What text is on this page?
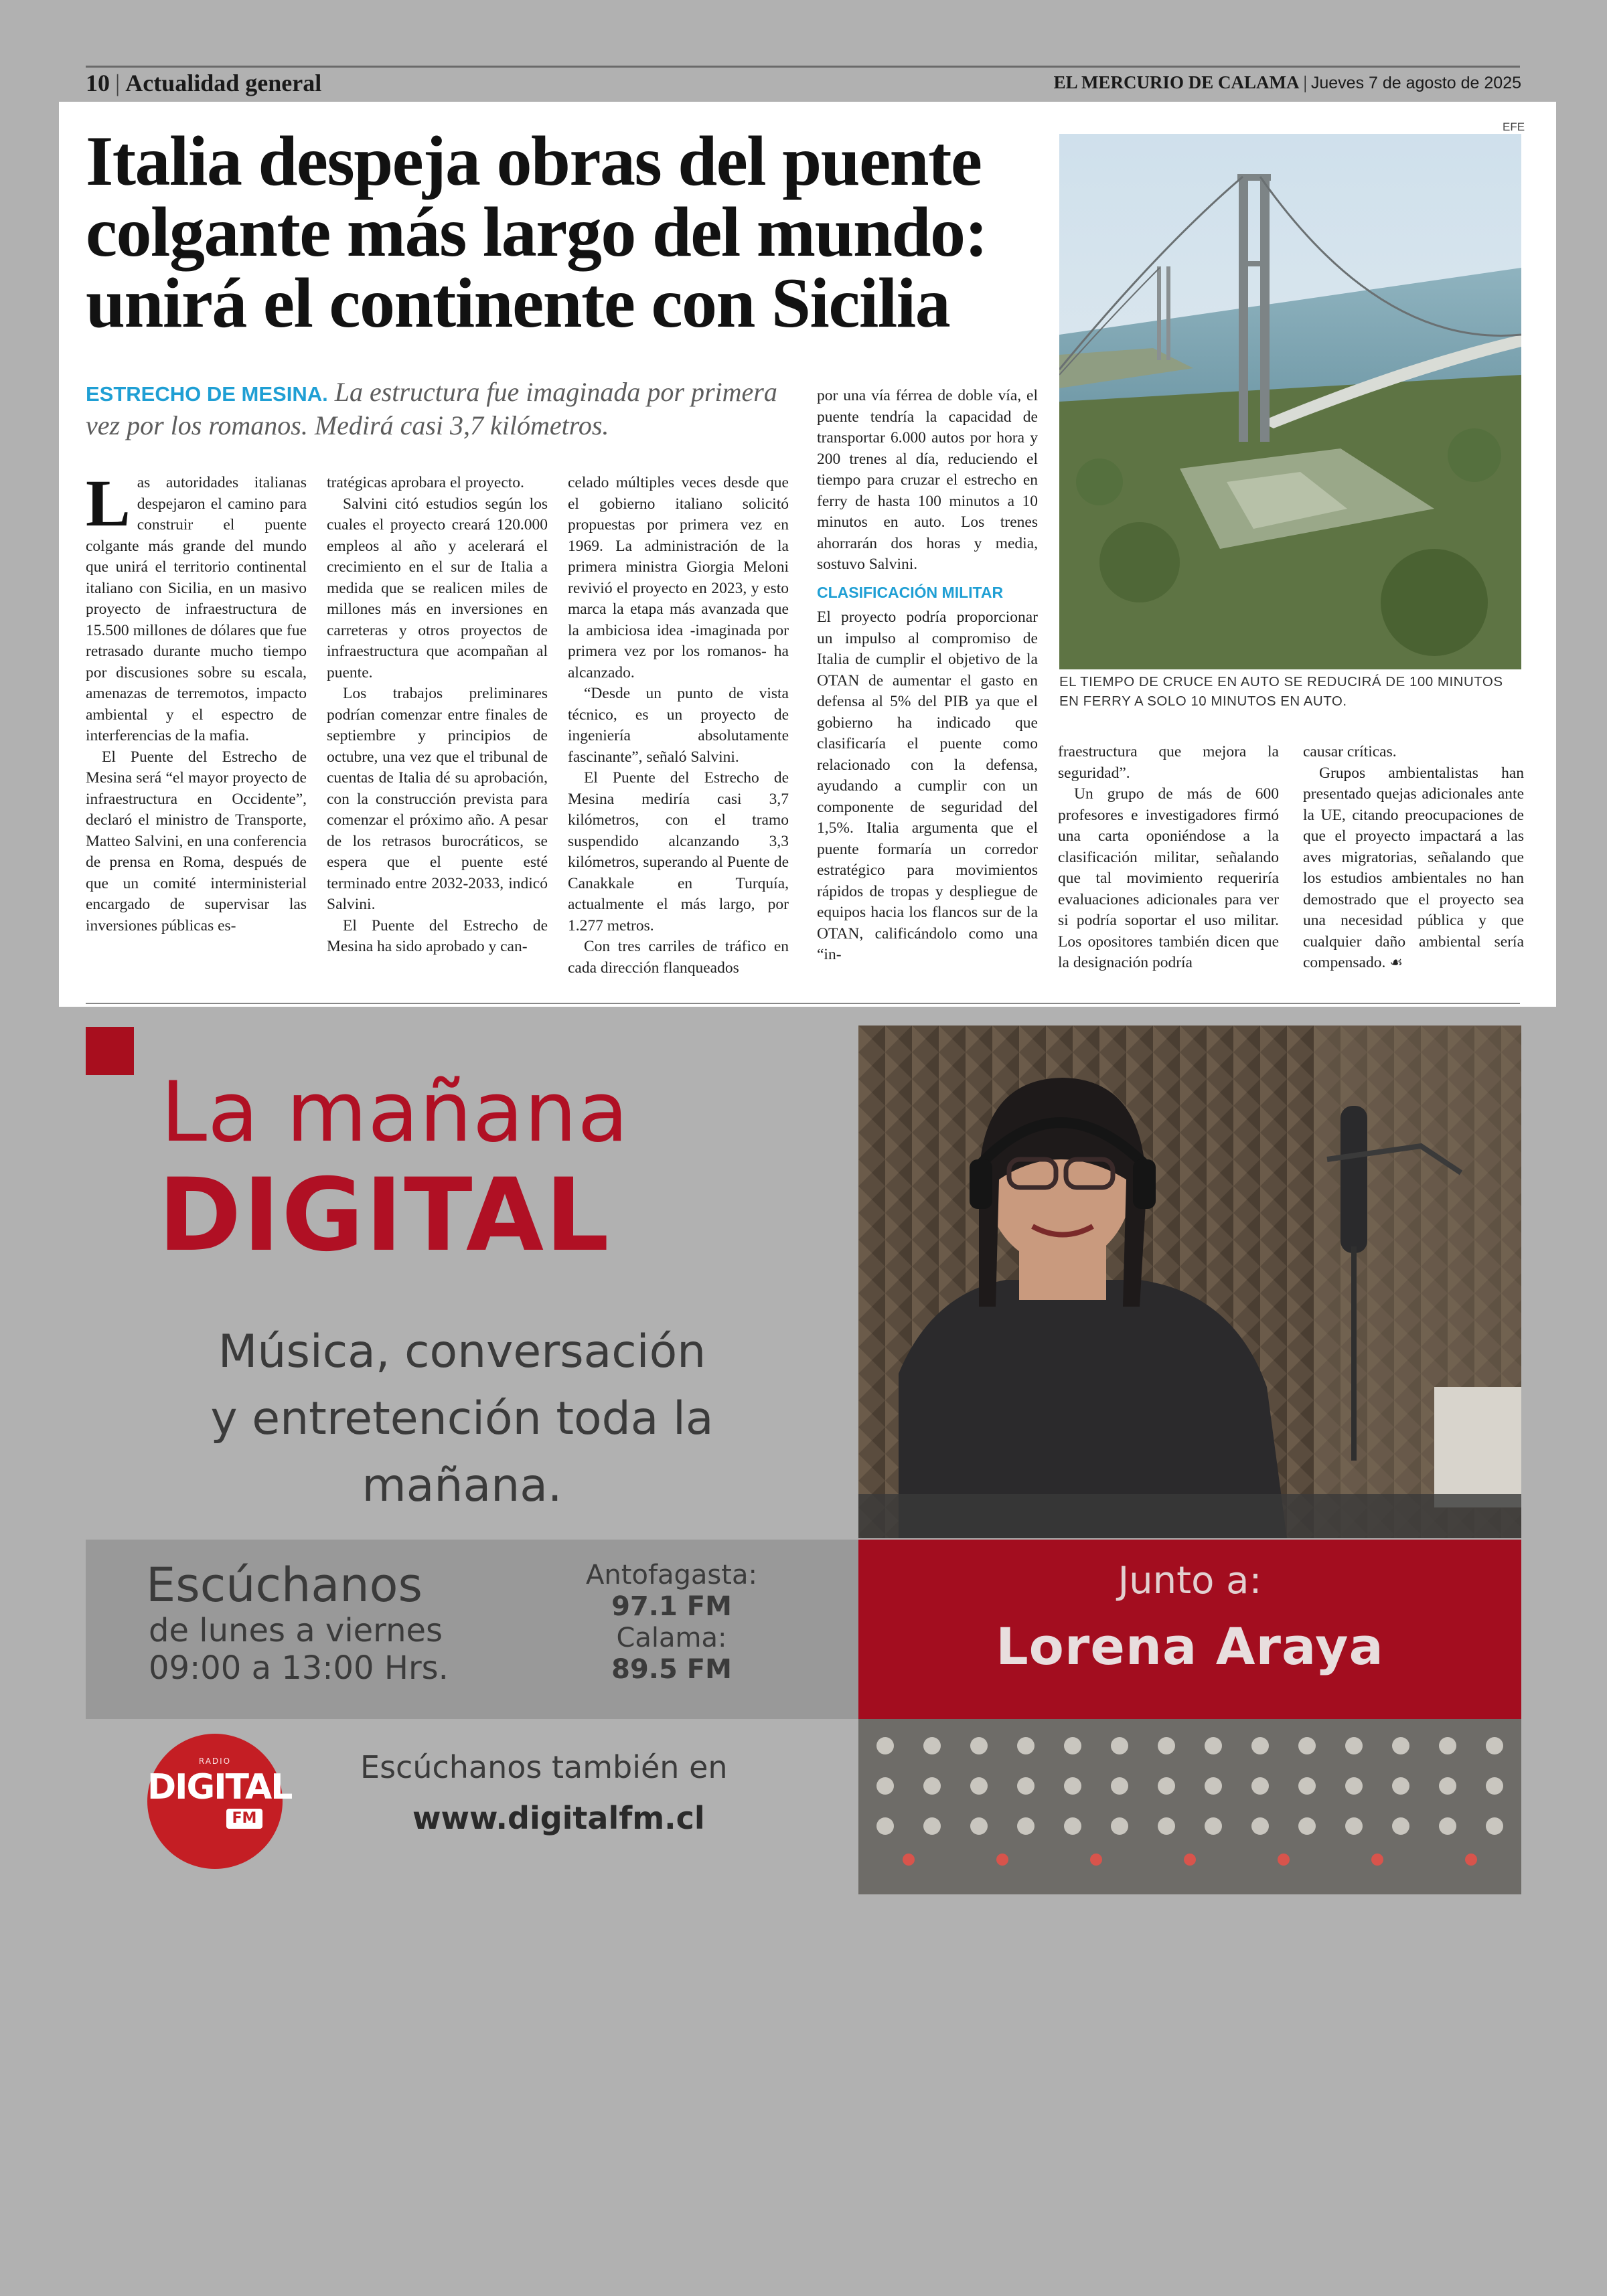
10 | Actualidad general	EL MERCURIO DE CALAMA | Jueves 7 de agosto de 2025
Italia despeja obras del puente colgante más largo del mundo: unirá el continente con Sicilia
ESTRECHO DE MESINA. La estructura fue imaginada por primera vez por los romanos. Medirá casi 3,7 kilómetros.

Las autoridades italianas despejaron el camino para construir el puente colgante más grande del mundo que unirá el territorio continental italiano con Sicilia, en un masivo proyecto de infraestructura de 15.500 millones de dólares que fue retrasado durante mucho tiempo por discusiones sobre su escala, amenazas de terremotos, impacto ambiental y el espectro de interferencias de la mafia.

El Puente del Estrecho de Mesina será “el mayor proyecto de infraestructura en Occidente”, declaró el ministro de Transporte, Matteo Salvini, en una conferencia de prensa en Roma, después de que un comité interministerial encargado de supervisar las inversiones públicas es-

tratégicas aprobara el proyecto.

Salvini citó estudios según los cuales el proyecto creará 120.000 empleos al año y acelerará el crecimiento en el sur de Italia a medida que se realicen miles de millones más en inversiones en carreteras y otros proyectos de infraestructura que acompañan al puente.

Los trabajos preliminares podrían comenzar entre finales de septiembre y principios de octubre, una vez que el tribunal de cuentas de Italia dé su aprobación, con la construcción prevista para comenzar el próximo año. A pesar de los retrasos burocráticos, se espera que el puente esté terminado entre 2032-2033, indicó Salvini.

El Puente del Estrecho de Mesina ha sido aprobado y can-

celado múltiples veces desde que el gobierno italiano solicitó propuestas por primera vez en 1969. La administración de la primera ministra Giorgia Meloni revivió el proyecto en 2023, y esto marca la etapa más avanzada que la ambiciosa idea -imaginada por primera vez por los romanos- ha alcanzado.

“Desde un punto de vista técnico, es un proyecto de ingeniería absolutamente fascinante”, señaló Salvini.

El Puente del Estrecho de Mesina mediría casi 3,7 kilómetros, con el tramo suspendido alcanzando 3,3 kilómetros, superando al Puente de Canakkale en Turquía, actualmente el más largo, por 1.277 metros.

Con tres carriles de tráfico en cada dirección flanqueados

por una vía férrea de doble vía, el puente tendría la capacidad de transportar 6.000 autos por hora y 200 trenes al día, reduciendo el tiempo para cruzar el estrecho en ferry de hasta 100 minutos a 10 minutos en auto. Los trenes ahorrarán dos horas y media, sostuvo Salvini.

CLASIFICACIÓN MILITAR

El proyecto podría proporcionar un impulso al compromiso de Italia de cumplir el objetivo de la OTAN de aumentar el gasto en defensa al 5% del PIB ya que el gobierno ha indicado que clasificaría el puente como relacionado con la defensa, ayudando a cumplir con un componente de seguridad del 1,5%. Italia argumenta que el puente formaría un corredor estratégico para movimientos rápidos de tropas y despliegue de equipos hacia los flancos sur de la OTAN, calificándolo como una “in-

fraestructura que mejora la seguridad”.

Un grupo de más de 600 profesores e investigadores firmó una carta oponiéndose a la clasificación militar, señalando que tal movimiento requeriría evaluaciones adicionales para ver si podría soportar el uso militar. Los opositores también dicen que la designación podría

causar críticas.

Grupos ambientalistas han presentado quejas adicionales ante la UE, citando preocupaciones de que el proyecto impactará a las aves migratorias, señalando que los estudios ambientales no han demostrado que el proyecto sea una necesidad pública y que cualquier daño ambiental sería compensado. ☙

EFE
EL TIEMPO DE CRUCE EN AUTO SE REDUCIRÁ DE 100 MINUTOS EN FERRY A SOLO 10 MINUTOS EN AUTO.
La mañana
DIGITAL
Música, conversación
y entretención toda la
mañana.
Escúchanos
de lunes a viernes
09:00 a 13:00 Hrs.
Antofagasta:
97.1 FM
Calama:
89.5 FM
Junto a:
Lorena Araya
RADIO
DIGITAL
FM
Escúchanos también en
www.digitalfm.cl
